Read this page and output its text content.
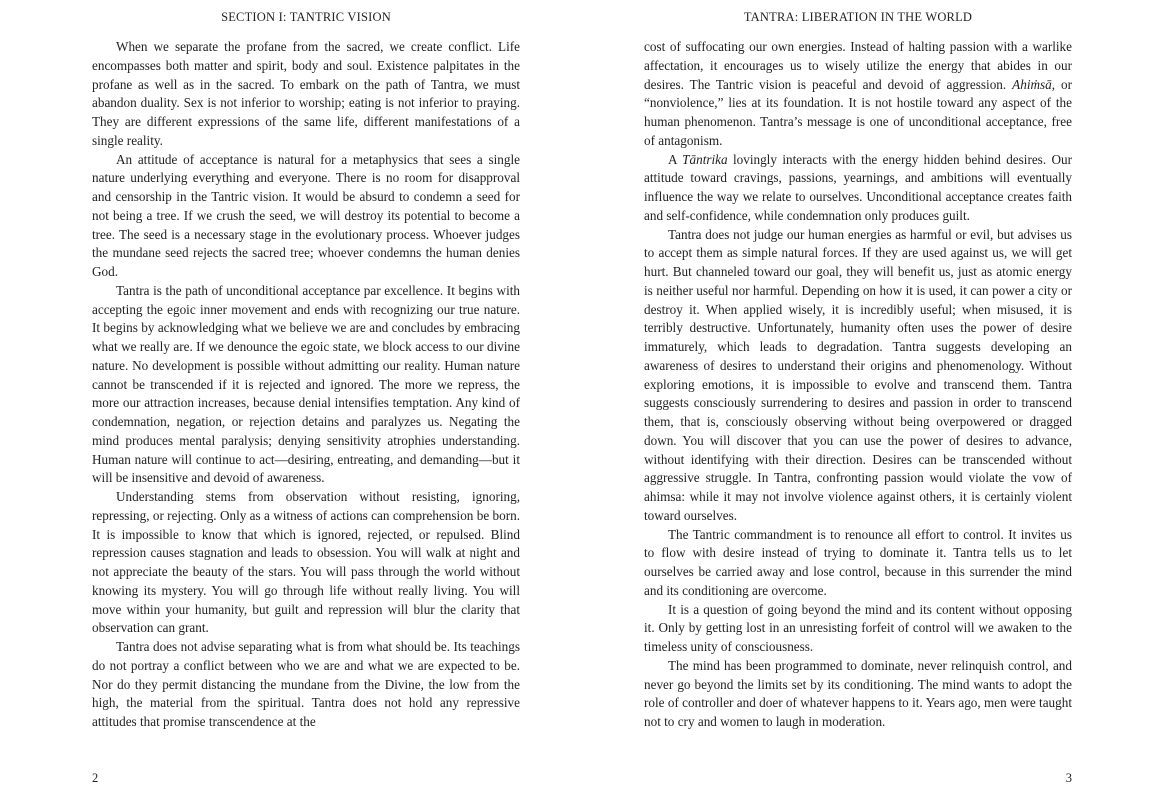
SECTION I: TANTRIC VISION

When we separate the profane from the sacred, we create conflict. Life encompasses both matter and spirit, body and soul. Existence palpitates in the profane as well as in the sacred. To embark on the path of Tantra, we must abandon duality. Sex is not inferior to worship; eating is not inferior to praying. They are different expressions of the same life, different manifestations of a single reality.

An attitude of acceptance is natural for a metaphysics that sees a single nature underlying everything and everyone. There is no room for disapproval and censorship in the Tantric vision. It would be absurd to condemn a seed for not being a tree. If we crush the seed, we will destroy its potential to become a tree. The seed is a necessary stage in the evolutionary process. Whoever judges the mundane seed rejects the sacred tree; whoever condemns the human denies God.

Tantra is the path of unconditional acceptance par excellence. It begins with accepting the egoic inner movement and ends with recognizing our true nature. It begins by acknowledging what we believe we are and concludes by embracing what we really are. If we denounce the egoic state, we block access to our divine nature. No development is possible without admitting our reality. Human nature cannot be transcended if it is rejected and ignored. The more we repress, the more our attraction increases, because denial intensifies temptation. Any kind of condemnation, negation, or rejection detains and paralyzes us. Negating the mind produces mental paralysis; denying sensitivity atrophies understanding. Human nature will continue to act—desiring, entreating, and demanding—but it will be insensitive and devoid of awareness.

Understanding stems from observation without resisting, ignoring, repressing, or rejecting. Only as a witness of actions can comprehension be born. It is impossible to know that which is ignored, rejected, or repulsed. Blind repression causes stagnation and leads to obsession. You will walk at night and not appreciate the beauty of the stars. You will pass through the world without knowing its mystery. You will go through life without really living. You will move within your humanity, but guilt and repression will blur the clarity that observation can grant.

Tantra does not advise separating what is from what should be. Its teachings do not portray a conflict between who we are and what we are expected to be. Nor do they permit distancing the mundane from the Divine, the low from the high, the material from the spiritual. Tantra does not hold any repressive attitudes that promise transcendence at the

2
TANTRA: LIBERATION IN THE WORLD

cost of suffocating our own energies. Instead of halting passion with a warlike affectation, it encourages us to wisely utilize the energy that abides in our desires. The Tantric vision is peaceful and devoid of aggression. Ahiṁsā, or “nonviolence,” lies at its foundation. It is not hostile toward any aspect of the human phenomenon. Tantra’s message is one of unconditional acceptance, free of antagonism.

A Tāntrika lovingly interacts with the energy hidden behind desires. Our attitude toward cravings, passions, yearnings, and ambitions will eventually influence the way we relate to ourselves. Unconditional acceptance creates faith and self-confidence, while condemnation only produces guilt.

Tantra does not judge our human energies as harmful or evil, but advises us to accept them as simple natural forces. If they are used against us, we will get hurt. But channeled toward our goal, they will benefit us, just as atomic energy is neither useful nor harmful. Depending on how it is used, it can power a city or destroy it. When applied wisely, it is incredibly useful; when misused, it is terribly destructive. Unfortunately, humanity often uses the power of desire immaturely, which leads to degradation. Tantra suggests developing an awareness of desires to understand their origins and phenomenology. Without exploring emotions, it is impossible to evolve and transcend them. Tantra suggests consciously surrendering to desires and passion in order to transcend them, that is, consciously observing without being overpowered or dragged down. You will discover that you can use the power of desires to advance, without identifying with their direction. Desires can be transcended without aggressive struggle. In Tantra, confronting passion would violate the vow of ahimsa: while it may not involve violence against others, it is certainly violent toward ourselves.

The Tantric commandment is to renounce all effort to control. It invites us to flow with desire instead of trying to dominate it. Tantra tells us to let ourselves be carried away and lose control, because in this surrender the mind and its conditioning are overcome.

It is a question of going beyond the mind and its content without opposing it. Only by getting lost in an unresisting forfeit of control will we awaken to the timeless unity of consciousness.

The mind has been programmed to dominate, never relinquish control, and never go beyond the limits set by its conditioning. The mind wants to adopt the role of controller and doer of whatever happens to it. Years ago, men were taught not to cry and women to laugh in moderation.

3
